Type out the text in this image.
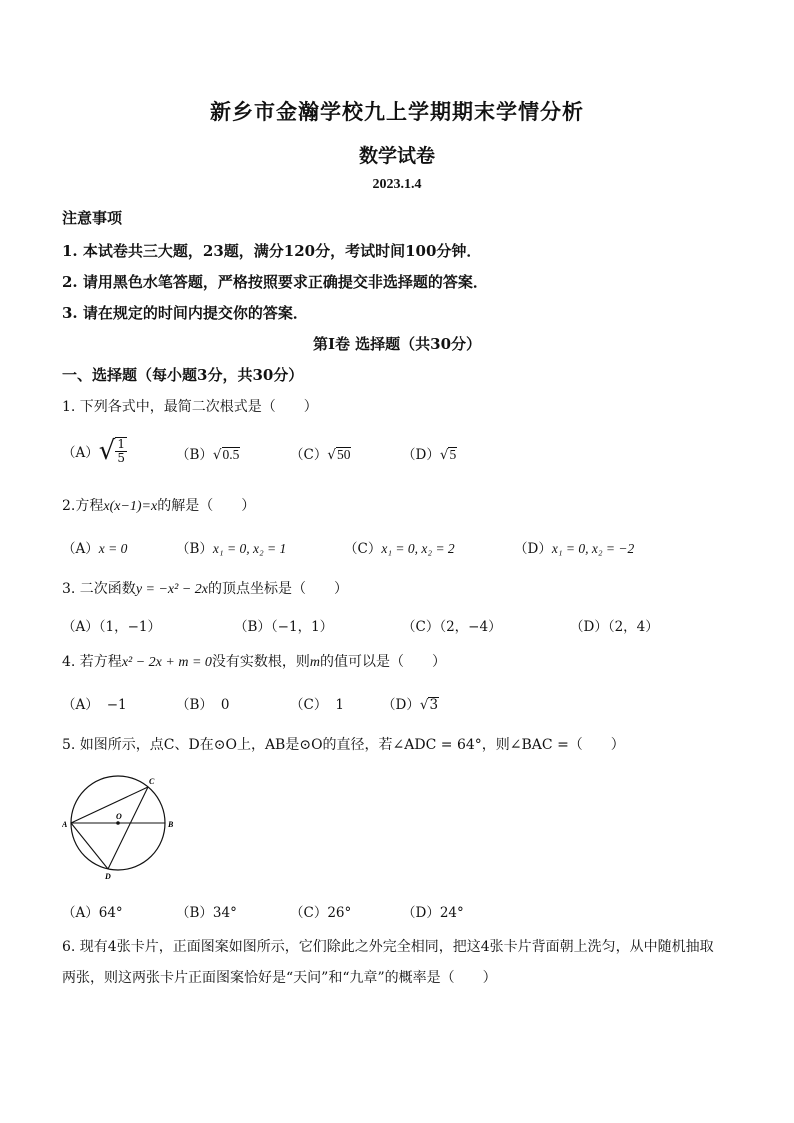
新乡市金瀚学校九上学期期末学情分析
数学试卷
2023.1.4
注意事项
1. 本试卷共三大题，23题，满分120分，考试时间100分钟．
2. 请用黑色水笔答题，严格按照要求正确提交非选择题的答案．
3. 请在规定的时间内提交你的答案．
第Ⅰ卷 选择题（共30分）
一、选择题（每小题3分，共30分）
1. 下列各式中，最简二次根式是（　　）
（A） √ $\frac{1}{5}$	（B）√0.5	（C）√50	（D）√5
2.方程x(x−1)=x的解是（　　）
（A）x = 0	（B）x₁ = 0, x₂ = 1	（C）x₁ = 0, x₂ = 2	（D）x₁ = 0, x₂ = −2
3. 二次函数y = −x² − 2x的顶点坐标是（　　）
（A）（1，−1）	（B）（−1，1）	（C）（2，−4）	（D）（2，4）
4. 若方程x² − 2x + m = 0没有实数根，则m的值可以是（　　）
（A） −1	（B） 0	（C） 1	（D）√3
5. 如图所示，点C、D在⊙O上，AB是⊙O的直径，若∠ADC = 64°，则∠BAC =（　　）
A	B
C
D
O
（A）64°	（B）34°	（C）26°	（D）24°
6. 现有4张卡片，正面图案如图所示，它们除此之外完全相同，把这4张卡片背面朝上洗匀，从中随机抽取
两张，则这两张卡片正面图案恰好是“天问”和“九章”的概率是（　　）
